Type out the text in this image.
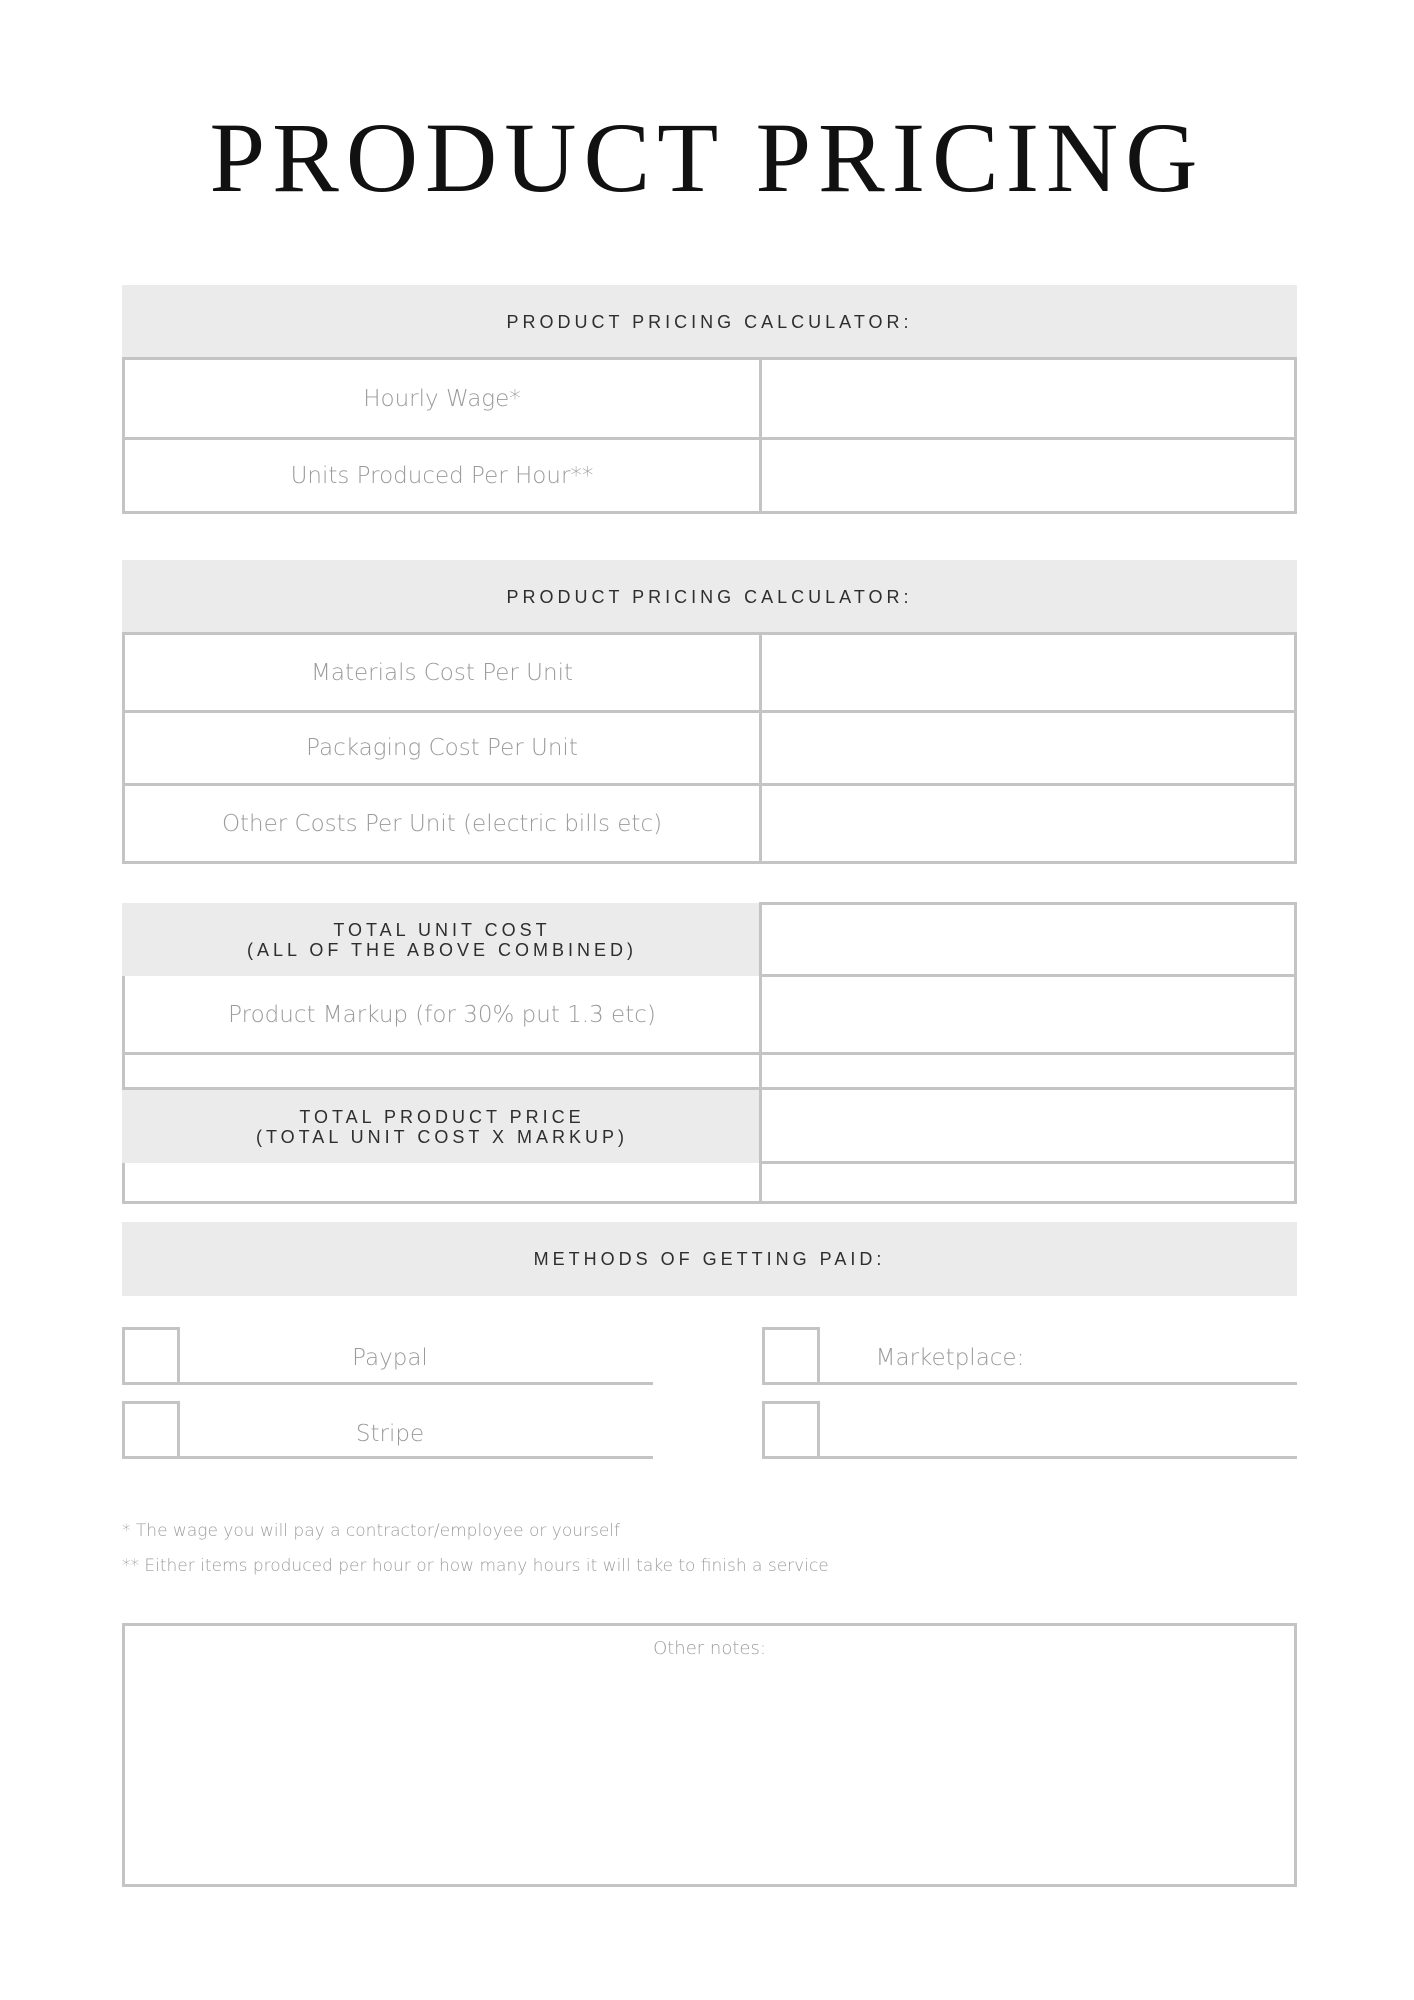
PRODUCT PRICING
PRODUCT PRICING CALCULATOR:
Hourly Wage*
Units Produced Per Hour**
PRODUCT PRICING CALCULATOR:
Materials Cost Per Unit
Packaging Cost Per Unit
Other Costs Per Unit (electric bills etc)
TOTAL UNIT COST
(ALL OF THE ABOVE COMBINED)
TOTAL PRODUCT PRICE
(TOTAL UNIT COST X MARKUP)
Product Markup (for 30% put 1.3 etc)
METHODS OF GETTING PAID:
Paypal
Stripe
Marketplace:
* The wage you will pay a contractor/employee or yourself
** Either items produced per hour or how many hours it will take to finish a service
Other notes:
